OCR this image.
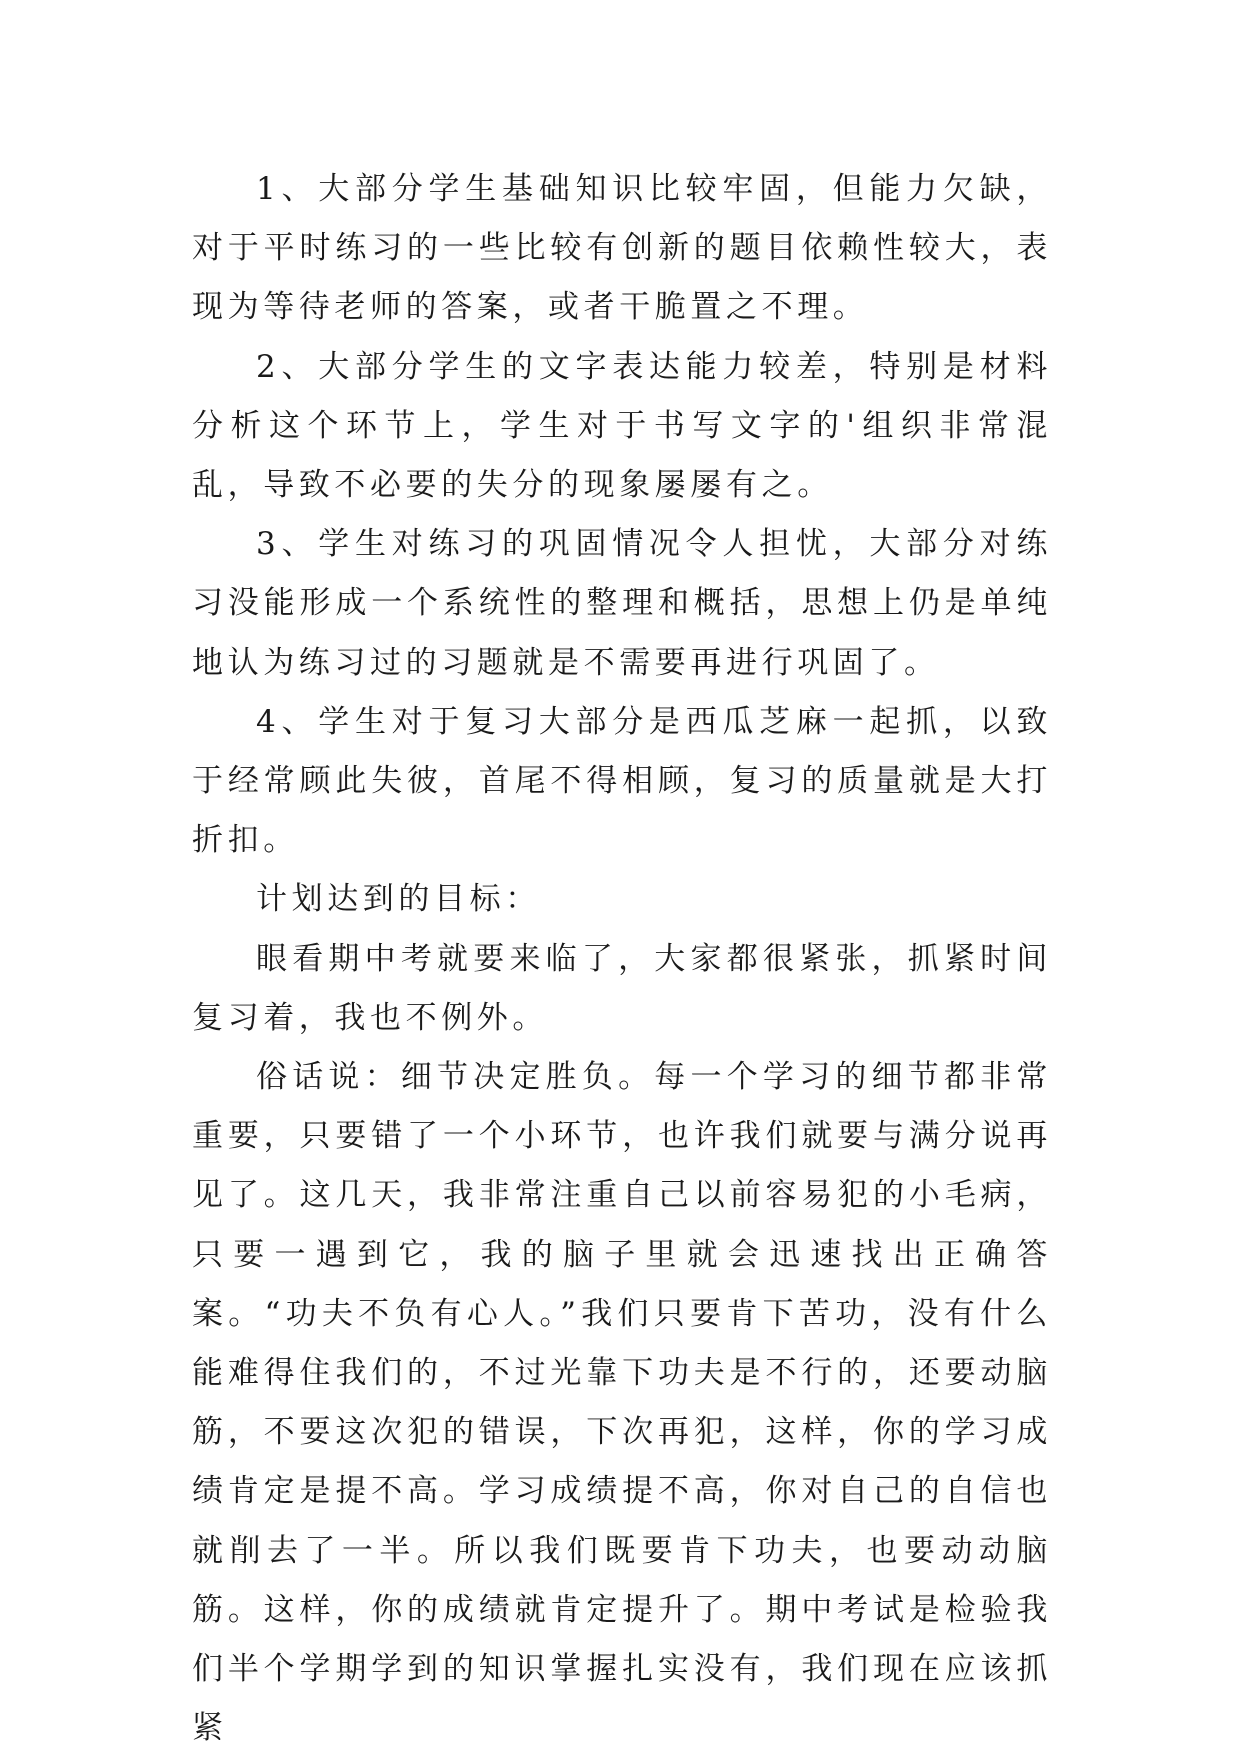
1、大部分学生基础知识比较牢固，但能力欠缺，对于平时练习的一些比较有创新的题目依赖性较大，表现为等待老师的答案，或者干脆置之不理。

2、大部分学生的文字表达能力较差，特别是材料分析这个环节上，学生对于书写文字的'组织非常混乱，导致不必要的失分的现象屡屡有之。

3、学生对练习的巩固情况令人担忧，大部分对练习没能形成一个系统性的整理和概括，思想上仍是单纯地认为练习过的习题就是不需要再进行巩固了。

4、学生对于复习大部分是西瓜芝麻一起抓，以致于经常顾此失彼，首尾不得相顾，复习的质量就是大打折扣。

计划达到的目标：

眼看期中考就要来临了，大家都很紧张，抓紧时间复习着，我也不例外。

俗话说：细节决定胜负。每一个学习的细节都非常重要，只要错了一个小环节，也许我们就要与满分说再见了。这几天，我非常注重自己以前容易犯的小毛病，只要一遇到它，我的脑子里就会迅速找出正确答案。“功夫不负有心人。”我们只要肯下苦功，没有什么能难得住我们的，不过光靠下功夫是不行的，还要动脑筋，不要这次犯的错误，下次再犯，这样，你的学习成绩肯定是提不高。学习成绩提不高，你对自己的自信也就削去了一半。所以我们既要肯下功夫，也要动动脑筋。这样，你的成绩就肯定提升了。期中考试是检验我们半个学期学到的知识掌握扎实没有，我们现在应该抓紧
